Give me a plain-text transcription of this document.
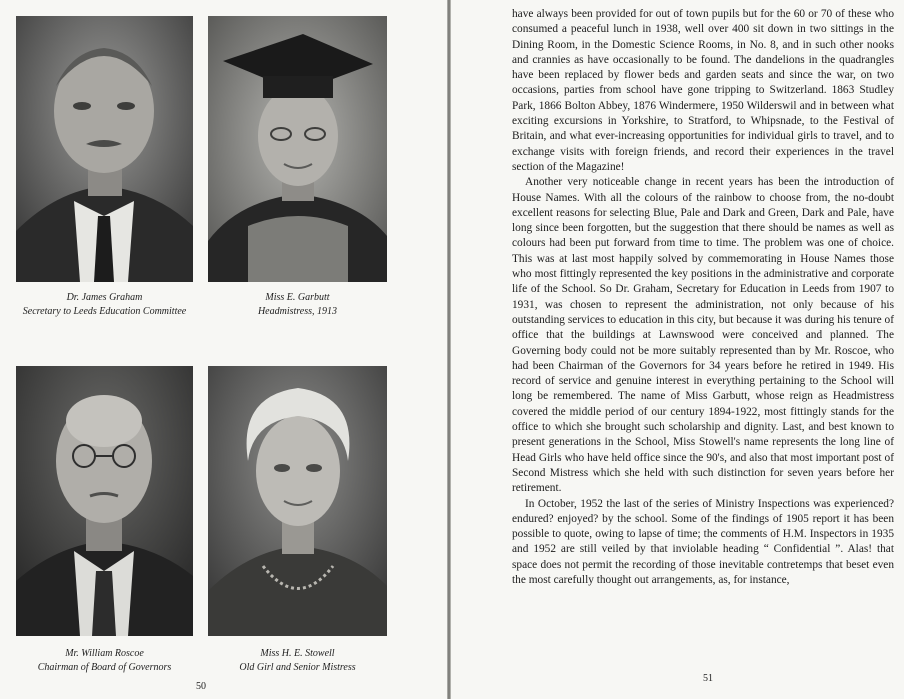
Dr. James Graham
Secretary to Leeds Education Committee
Miss E. Garbutt
Headmistress, 1913
Mr. William Roscoe
Chairman of Board of Governors
Miss H. E. Stowell
Old Girl and Senior Mistress
50

have always been provided for out of town pupils but for the 60 or 70 of these who consumed a peaceful lunch in 1938, well over 400 sit down in two sittings in the Dining Room, in the Domestic Science Rooms, in No. 8, and in such other nooks and crannies as have occasionally to be found. The dandelions in the quadrangles have been replaced by flower beds and garden seats and since the war, on two occasions, parties from school have gone tripping to Switzerland. 1863 Studley Park, 1866 Bolton Abbey, 1876 Windermere, 1950 Wilderswil and in between what exciting excursions in Yorkshire, to Stratford, to Whipsnade, to the Festival of Britain, and what ever-increasing opportunities for individual girls to travel, and to exchange visits with foreign friends, and record their experiences in the travel section of the Magazine!

Another very noticeable change in recent years has been the introduction of House Names. With all the colours of the rainbow to choose from, the no-doubt excellent reasons for selecting Blue, Pale and Dark and Green, Dark and Pale, have long since been forgotten, but the suggestion that there should be names as well as colours had been put forward from time to time. The problem was one of choice. This was at last most happily solved by commemorating in House Names those who most fittingly represented the key positions in the administrative and corporate life of the School. So Dr. Graham, Secretary for Education in Leeds from 1907 to 1931, was chosen to represent the administration, not only because of his outstanding services to education in this city, but because it was during his tenure of office that the buildings at Lawnswood were conceived and planned. The Governing body could not be more suitably represented than by Mr. Roscoe, who had been Chairman of the Governors for 34 years before he retired in 1949. His record of service and genuine interest in everything pertaining to the School will long be remembered. The name of Miss Garbutt, whose reign as Headmistress covered the middle period of our century 1894-1922, most fittingly stands for the office to which she brought such scholarship and dignity. Last, and best known to present generations in the School, Miss Stowell's name represents the long line of Head Girls who have held office since the 90's, and also that most important post of Second Mistress which she held with such distinction for seven years before her retirement.

In October, 1952 the last of the series of Ministry Inspections was experienced? endured? enjoyed? by the school. Some of the findings of 1905 report it has been possible to quote, owing to lapse of time; the comments of H.M. Inspectors in 1935 and 1952 are still veiled by that inviolable heading “ Confidential ”. Alas! that space does not permit the recording of those inevitable contretemps that beset even the most carefully thought out arrangements, as, for instance,

51
